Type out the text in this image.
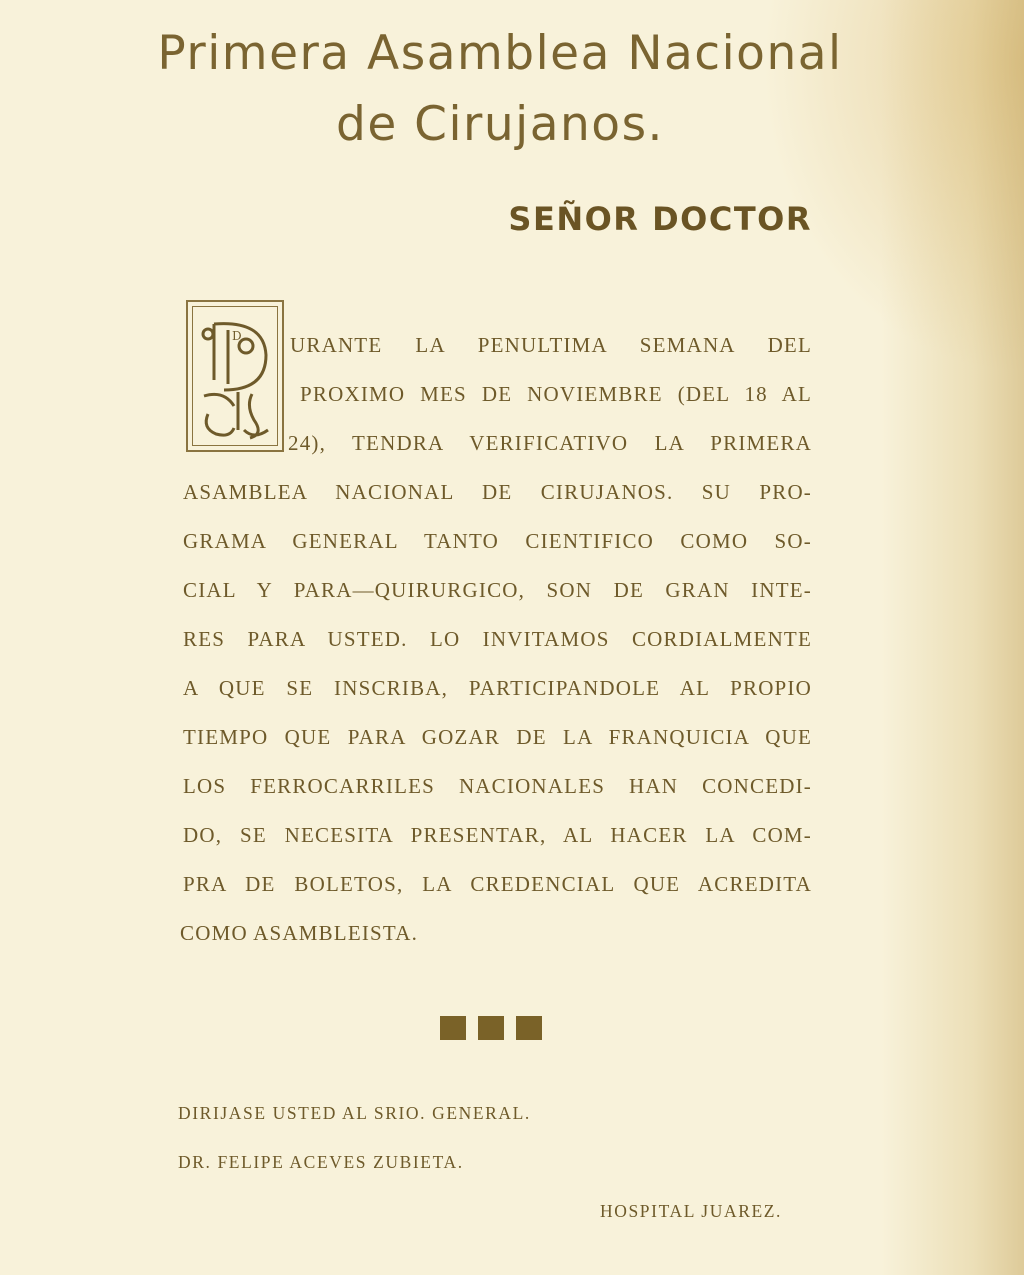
Primera Asamblea Nacional
de Cirujanos.
SEÑOR DOCTOR
D URANTE LA PENULTIMA SEMANA DEL
PROXIMO MES DE NOVIEMBRE (DEL 18 AL
24), TENDRA VERIFICATIVO LA PRIMERA
ASAMBLEA NACIONAL DE CIRUJANOS. SU PRO-
GRAMA GENERAL TANTO CIENTIFICO COMO SO-
CIAL Y PARA—QUIRURGICO, SON DE GRAN INTE-
RES PARA USTED. LO INVITAMOS CORDIALMENTE
A QUE SE INSCRIBA, PARTICIPANDOLE AL PROPIO
TIEMPO QUE PARA GOZAR DE LA FRANQUICIA QUE
LOS FERROCARRILES NACIONALES HAN CONCEDI-
DO, SE NECESITA PRESENTAR, AL HACER LA COM-
PRA DE BOLETOS, LA CREDENCIAL QUE ACREDITA
COMO ASAMBLEISTA.
DIRIJASE USTED AL SRIO. GENERAL.
DR. FELIPE ACEVES ZUBIETA.
HOSPITAL JUAREZ.
